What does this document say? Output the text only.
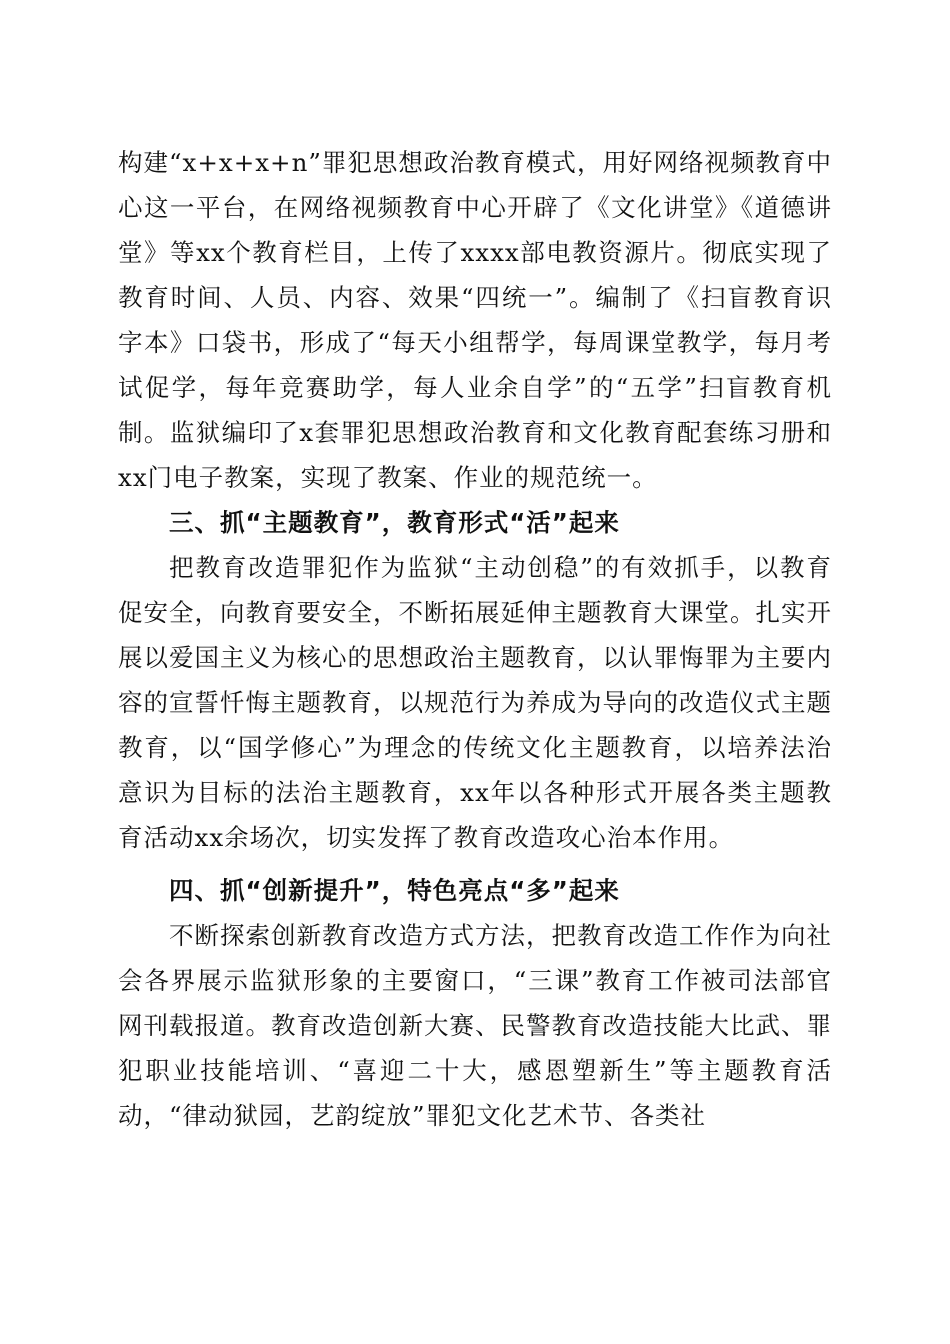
构建“x+x+x+n”罪犯思想政治教育模式，用好网络视频教育中心这一平台，在网络视频教育中心开辟了《文化讲堂》《道德讲堂》等xx个教育栏目，上传了xxxx部电教资源片。彻底实现了教育时间、人员、内容、效果“四统一”。编制了《扫盲教育识字本》口袋书，形成了“每天小组帮学，每周课堂教学，每月考试促学，每年竞赛助学，每人业余自学”的“五学”扫盲教育机制。监狱编印了x套罪犯思想政治教育和文化教育配套练习册和xx门电子教案，实现了教案、作业的规范统一。

三、抓“主题教育”，教育形式“活”起来

把教育改造罪犯作为监狱“主动创稳”的有效抓手，以教育促安全，向教育要安全，不断拓展延伸主题教育大课堂。扎实开展以爱国主义为核心的思想政治主题教育，以认罪悔罪为主要内容的宣誓忏悔主题教育，以规范行为养成为导向的改造仪式主题教育，以“国学修心”为理念的传统文化主题教育，以培养法治意识为目标的法治主题教育，xx年以各种形式开展各类主题教育活动xx余场次，切实发挥了教育改造攻心治本作用。

四、抓“创新提升”，特色亮点“多”起来

不断探索创新教育改造方式方法，把教育改造工作作为向社会各界展示监狱形象的主要窗口，“三课”教育工作被司法部官网刊载报道。教育改造创新大赛、民警教育改造技能大比武、罪犯职业技能培训、“喜迎二十大，感恩塑新生”等主题教育活动，“律动狱园，艺韵绽放”罪犯文化艺术节、各类社
